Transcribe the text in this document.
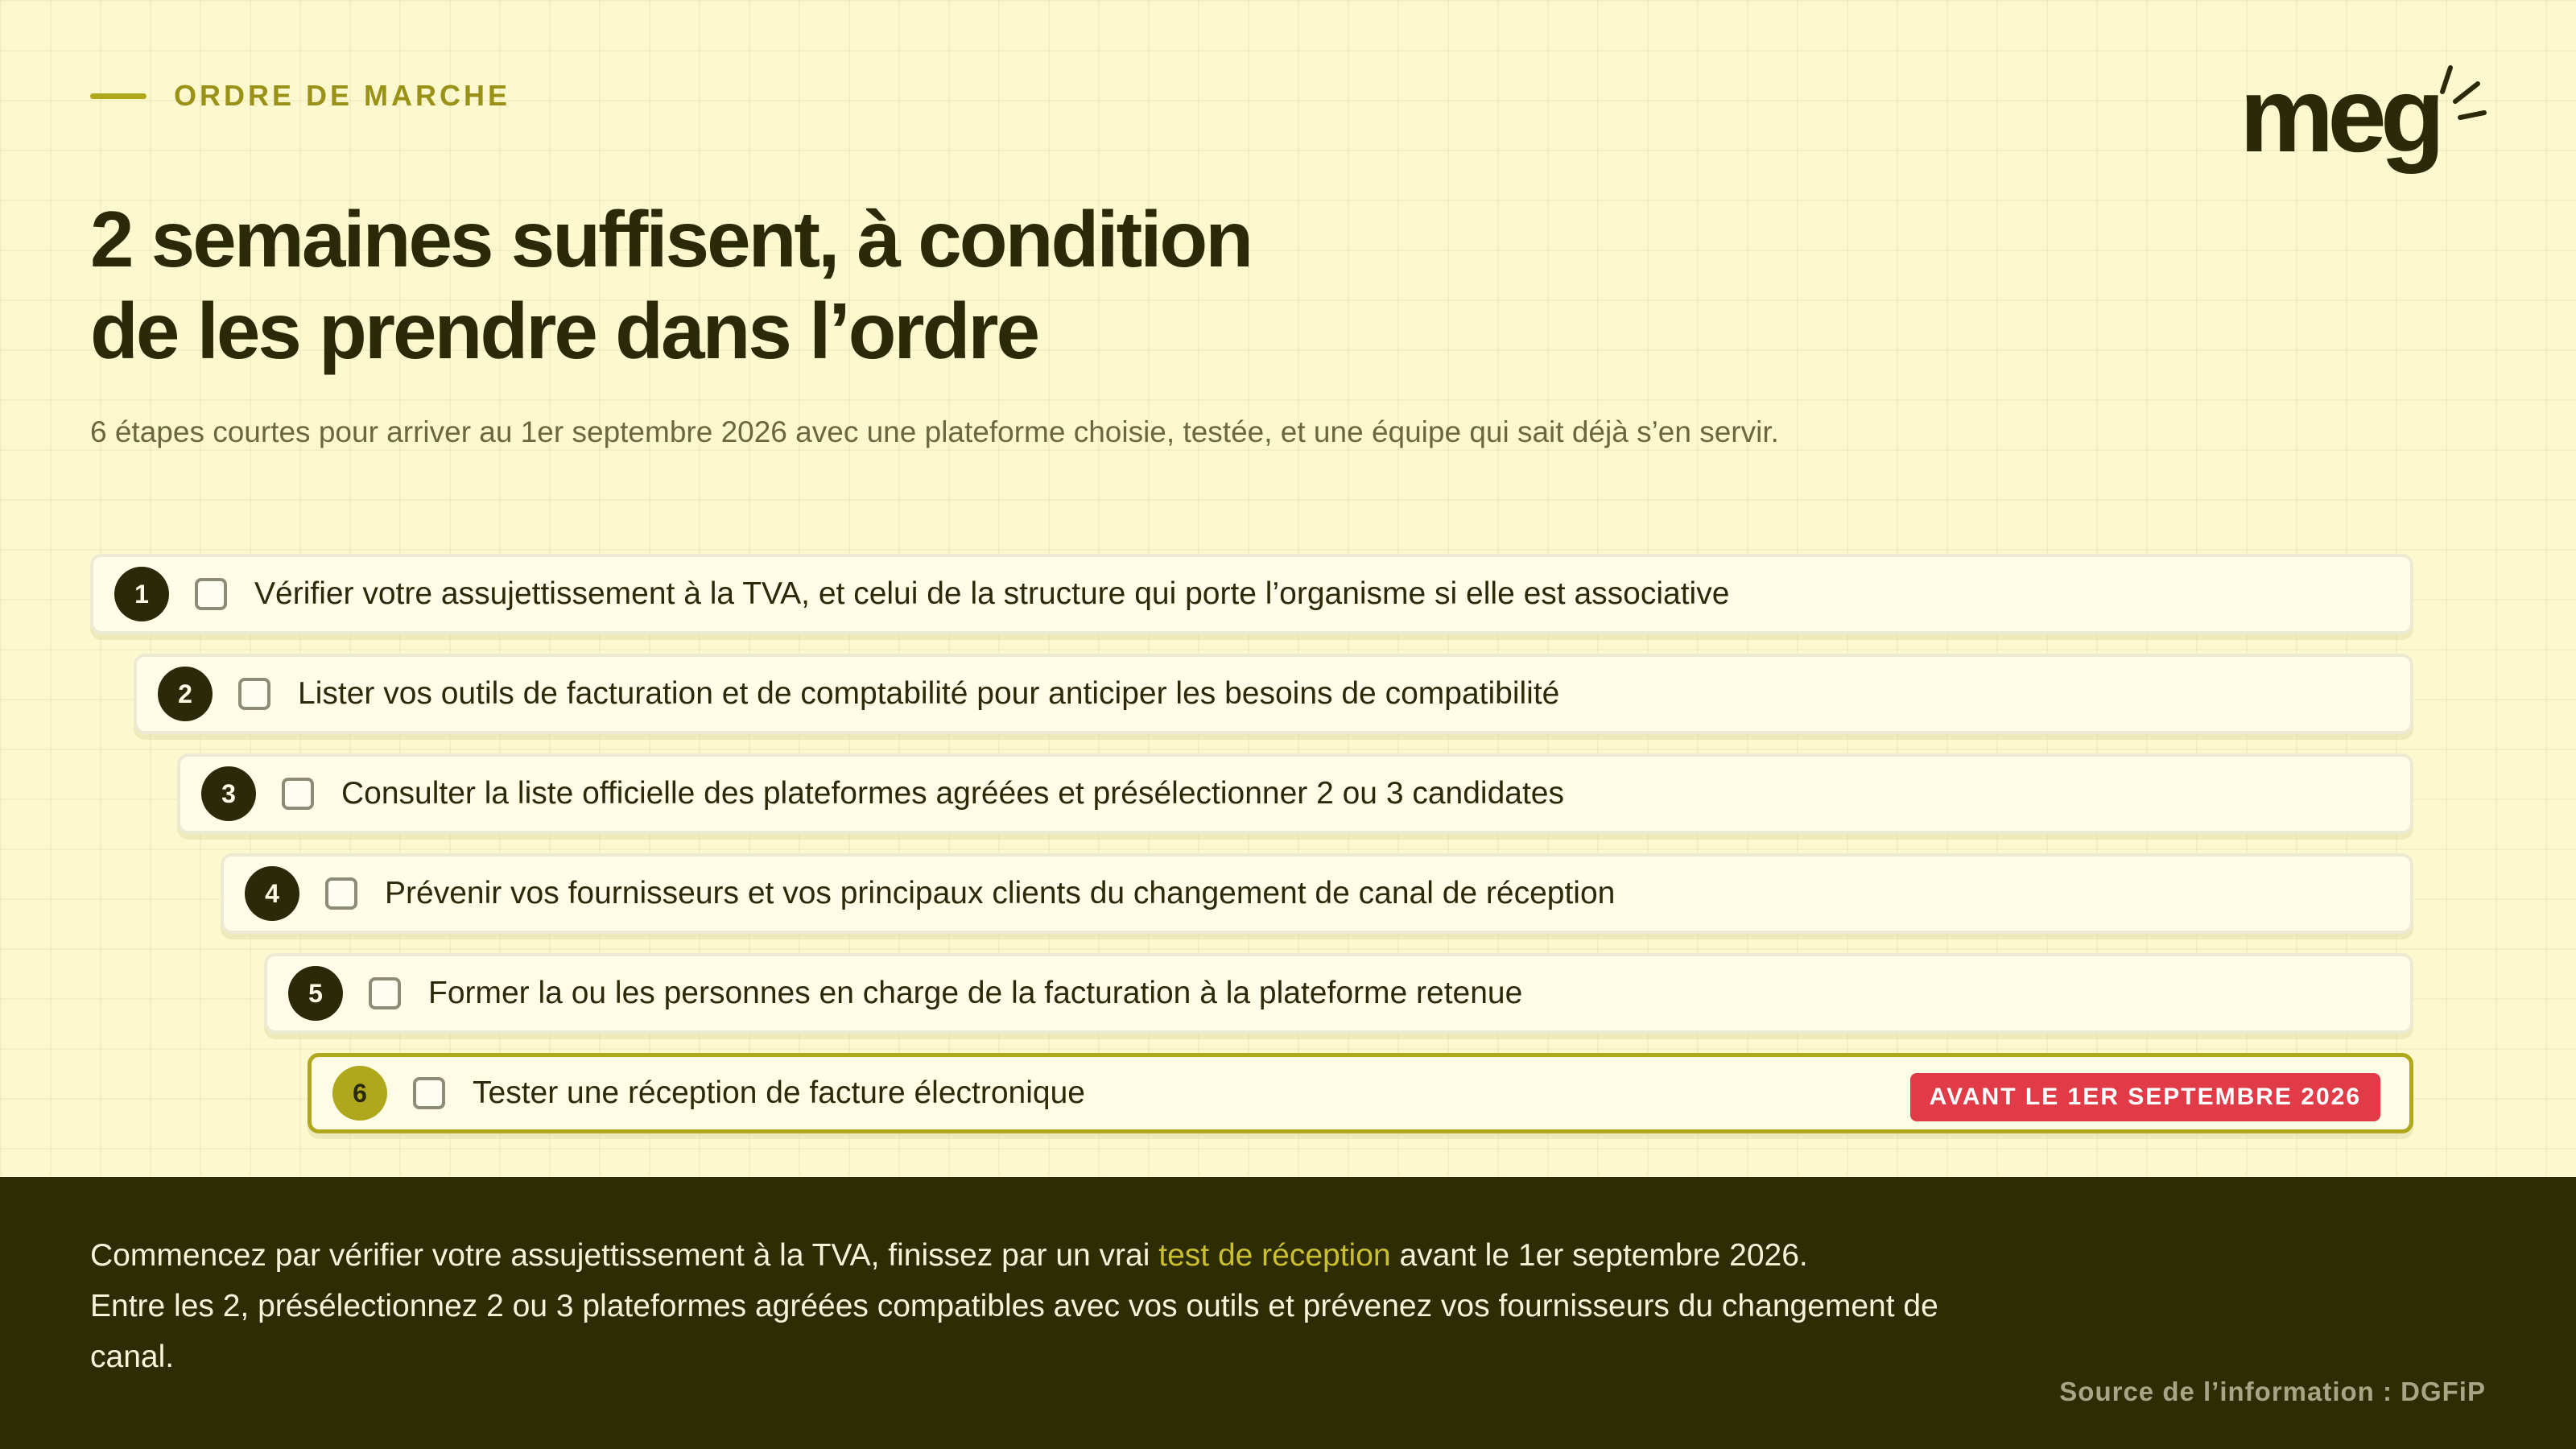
ORDRE DE MARCHE	meg
2 semaines suffisent, à condition
de les prendre dans l’ordre

6 étapes courtes pour arriver au 1er septembre 2026 avec une plateforme choisie, testée, et une équipe qui sait déjà s’en servir.

1	Vérifier votre assujettissement à la TVA, et celui de la structure qui porte l’organisme si elle est associative
2	Lister vos outils de facturation et de comptabilité pour anticiper les besoins de compatibilité
3	Consulter la liste officielle des plateformes agréées et présélectionner 2 ou 3 candidates
4	Prévenir vos fournisseurs et vos principaux clients du changement de canal de réception
5	Former la ou les personnes en charge de la facturation à la plateforme retenue
6	Tester une réception de facture électronique	AVANT LE 1ER SEPTEMBRE 2026

Commencez par vérifier votre assujettissement à la TVA, finissez par un vrai test de réception avant le 1er septembre 2026.
Entre les 2, présélectionnez 2 ou 3 plateformes agréées compatibles avec vos outils et prévenez vos fournisseurs du changement de canal.

Source de l’information : DGFiP
